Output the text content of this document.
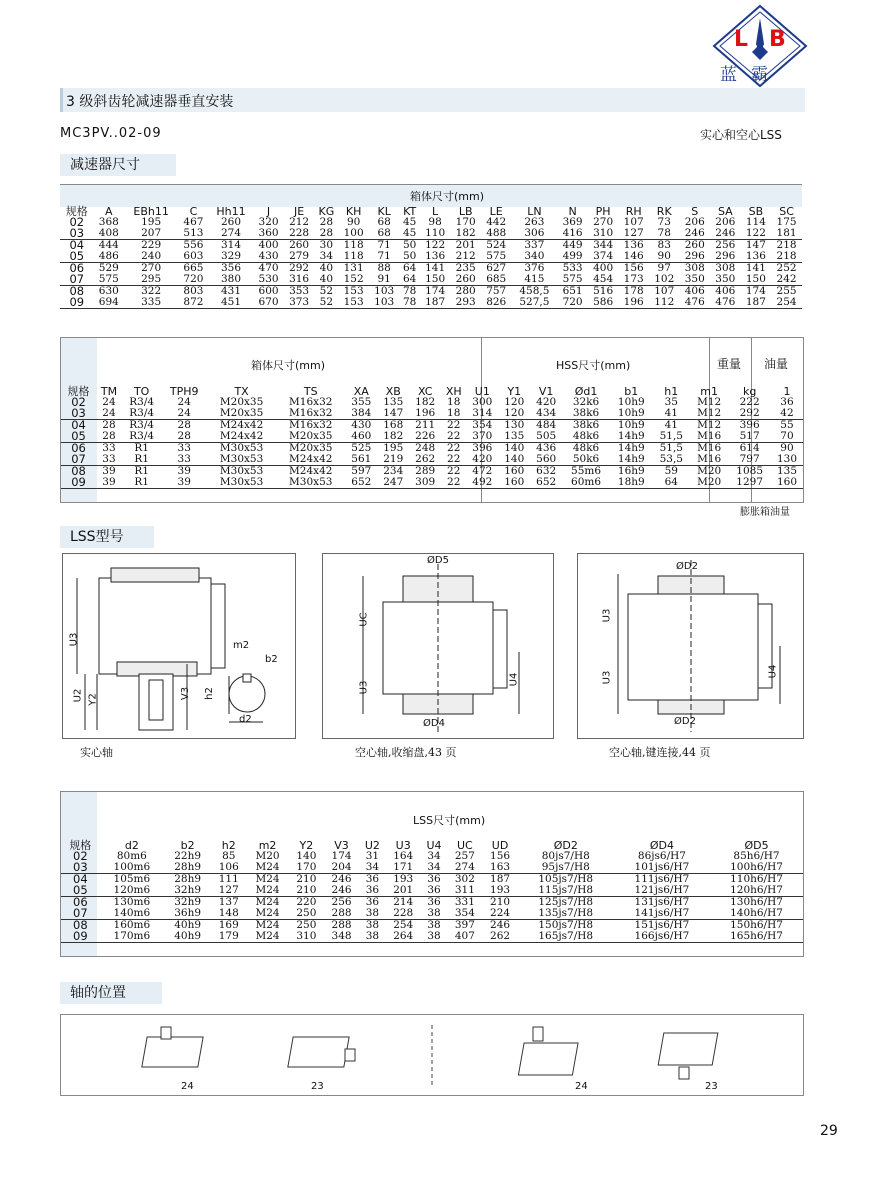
L B
蓝霸
3 级斜齿轮减速器垂直安装
MC3PV..02-09	实心和空心LSS
减速器尺寸
箱体尺寸(mm)
规格	A	EBh11	C	Hh11	J	JE	KG	KH	KL	KT	L	LB	LE	LN	N	PH	RH	RK	S	SA	SB	SC
02	368	195	467	260	320	212	28	90	68	45	98	170	442	263	369	270	107	73	206	206	114	175
03	408	207	513	274	360	228	28	100	68	45	110	182	488	306	416	310	127	78	246	246	122	181
04	444	229	556	314	400	260	30	118	71	50	122	201	524	337	449	344	136	83	260	256	147	218
05	486	240	603	329	430	279	34	118	71	50	136	212	575	340	499	374	146	90	296	296	136	218
06	529	270	665	356	470	292	40	131	88	64	141	235	627	376	533	400	156	97	308	308	141	252
07	575	295	720	380	530	316	40	152	91	64	150	260	685	415	575	454	173	102	350	350	150	242
08	630	322	803	431	600	353	52	153	103	78	174	280	757	458,5	651	516	178	107	406	406	174	255
09	694	335	872	451	670	373	52	153	103	78	187	293	826	527,5	720	586	196	112	476	476	187	254
箱体尺寸(mm)	HSS尺寸(mm)	重量 油量
规格	TM	TO	TPH9	TX	TS	XA	XB	XC	XH	U1	Y1	V1	Ød1	b1	h1	m1	kg	1
02	24	R3/4	24	M20x35	M16x32	355	135	182	18	300	120	420	32k6	10h9	35	M12	222	36
03	24	R3/4	24	M20x35	M16x32	384	147	196	18	314	120	434	38k6	10h9	41	M12	292	42
04	28	R3/4	28	M24x42	M16x32	430	168	211	22	354	130	484	38k6	10h9	41	M12	396	55
05	28	R3/4	28	M24x42	M20x35	460	182	226	22	370	135	505	48k6	14h9	51,5	M16	517	70
06	33	R1	33	M30x53	M20x35	525	195	248	22	396	140	436	48k6	14h9	51,5	M16	614	90
07	33	R1	33	M30x53	M24x42	561	219	262	22	420	140	560	50k6	14h9	53,5	M16	797	130
08	39	R1	39	M30x53	M24x42	597	234	289	22	472	160	632	55m6	16h9	59	M20	1085	135
09	39	R1	39	M30x53	M30x53	652	247	309	22	492	160	652	60m6	18h9	64	M20	1297	160
膨胀箱油量
LSS型号
U3	m2
b2
U2 Y2	V3 h2
d2
ØD5
UC
U3
U4
ØD4
ØD2
U3
U3	U4
ØD2
实心轴	空心轴,收缩盘,43 页	空心轴,键连接,44 页
LSS尺寸(mm)
规格	d2	b2	h2	m2	Y2	V3	U2	U3	U4	UC	UD	ØD2	ØD4	ØD5
02	80m6	22h9	85	M20	140	174	31	164	34	257	156	80js7/H8	86js6/H7	85h6/H7
03	100m6	28h9	106	M24	170	204	34	171	34	274	163	95js7/H8	101js6/H7	100h6/H7
04	105m6	28h9	111	M24	210	246	36	193	36	302	187	105js7/H8	111js6/H7	110h6/H7
05	120m6	32h9	127	M24	210	246	36	201	36	311	193	115js7/H8	121js6/H7	120h6/H7
06	130m6	32h9	137	M24	220	256	36	214	36	331	210	125js7/H8	131js6/H7	130h6/H7
07	140m6	36h9	148	M24	250	288	38	228	38	354	224	135js7/H8	141js6/H7	140h6/H7
08	160m6	40h9	169	M24	250	288	38	254	38	397	246	150js7/H8	151js6/H7	150h6/H7
09	170m6	40h9	179	M24	310	348	38	264	38	407	262	165js7/H8	166js6/H7	165h6/H7
轴的位置
24	23	24	23
29
